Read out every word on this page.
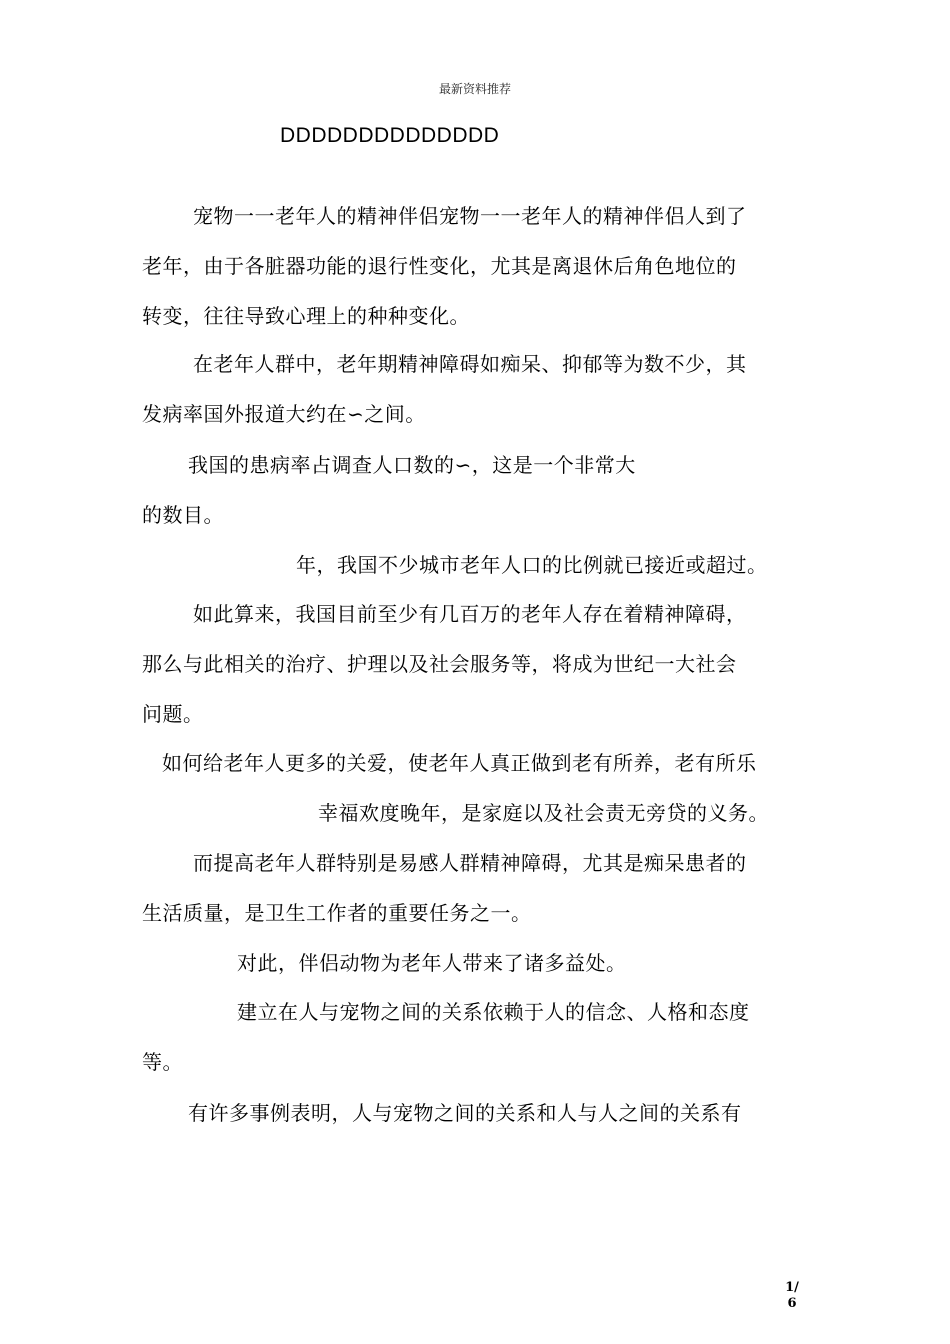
最新资料推荐
DDDDDDDDDDDDDD
宠物一一老年人的精神伴侣宠物一一老年人的精神伴侣人到了
老年，由于各脏器功能的退行性变化，尤其是离退休后角色地位的
转变，往往导致心理上的种种变化。
在老年人群中，老年期精神障碍如痴呆、抑郁等为数不少，其
发病率国外报道大约在∽之间。
我国的患病率占调查人口数的∽，这是一个非常大
的数目。
年，我国不少城市老年人口的比例就已接近或超过。
如此算来，我国目前至少有几百万的老年人存在着精神障碍，
那么与此相关的治疗、护理以及社会服务等，将成为世纪一大社会
问题。
如何给老年人更多的关爱，使老年人真正做到老有所养，老有所乐
幸福欢度晚年，是家庭以及社会责无旁贷的义务。
而提高老年人群特别是易感人群精神障碍，尤其是痴呆患者的
生活质量，是卫生工作者的重要任务之一。
对此，伴侣动物为老年人带来了诸多益处。
建立在人与宠物之间的关系依赖于人的信念、人格和态度
等。
有许多事例表明，人与宠物之间的关系和人与人之间的关系有
1/
6
